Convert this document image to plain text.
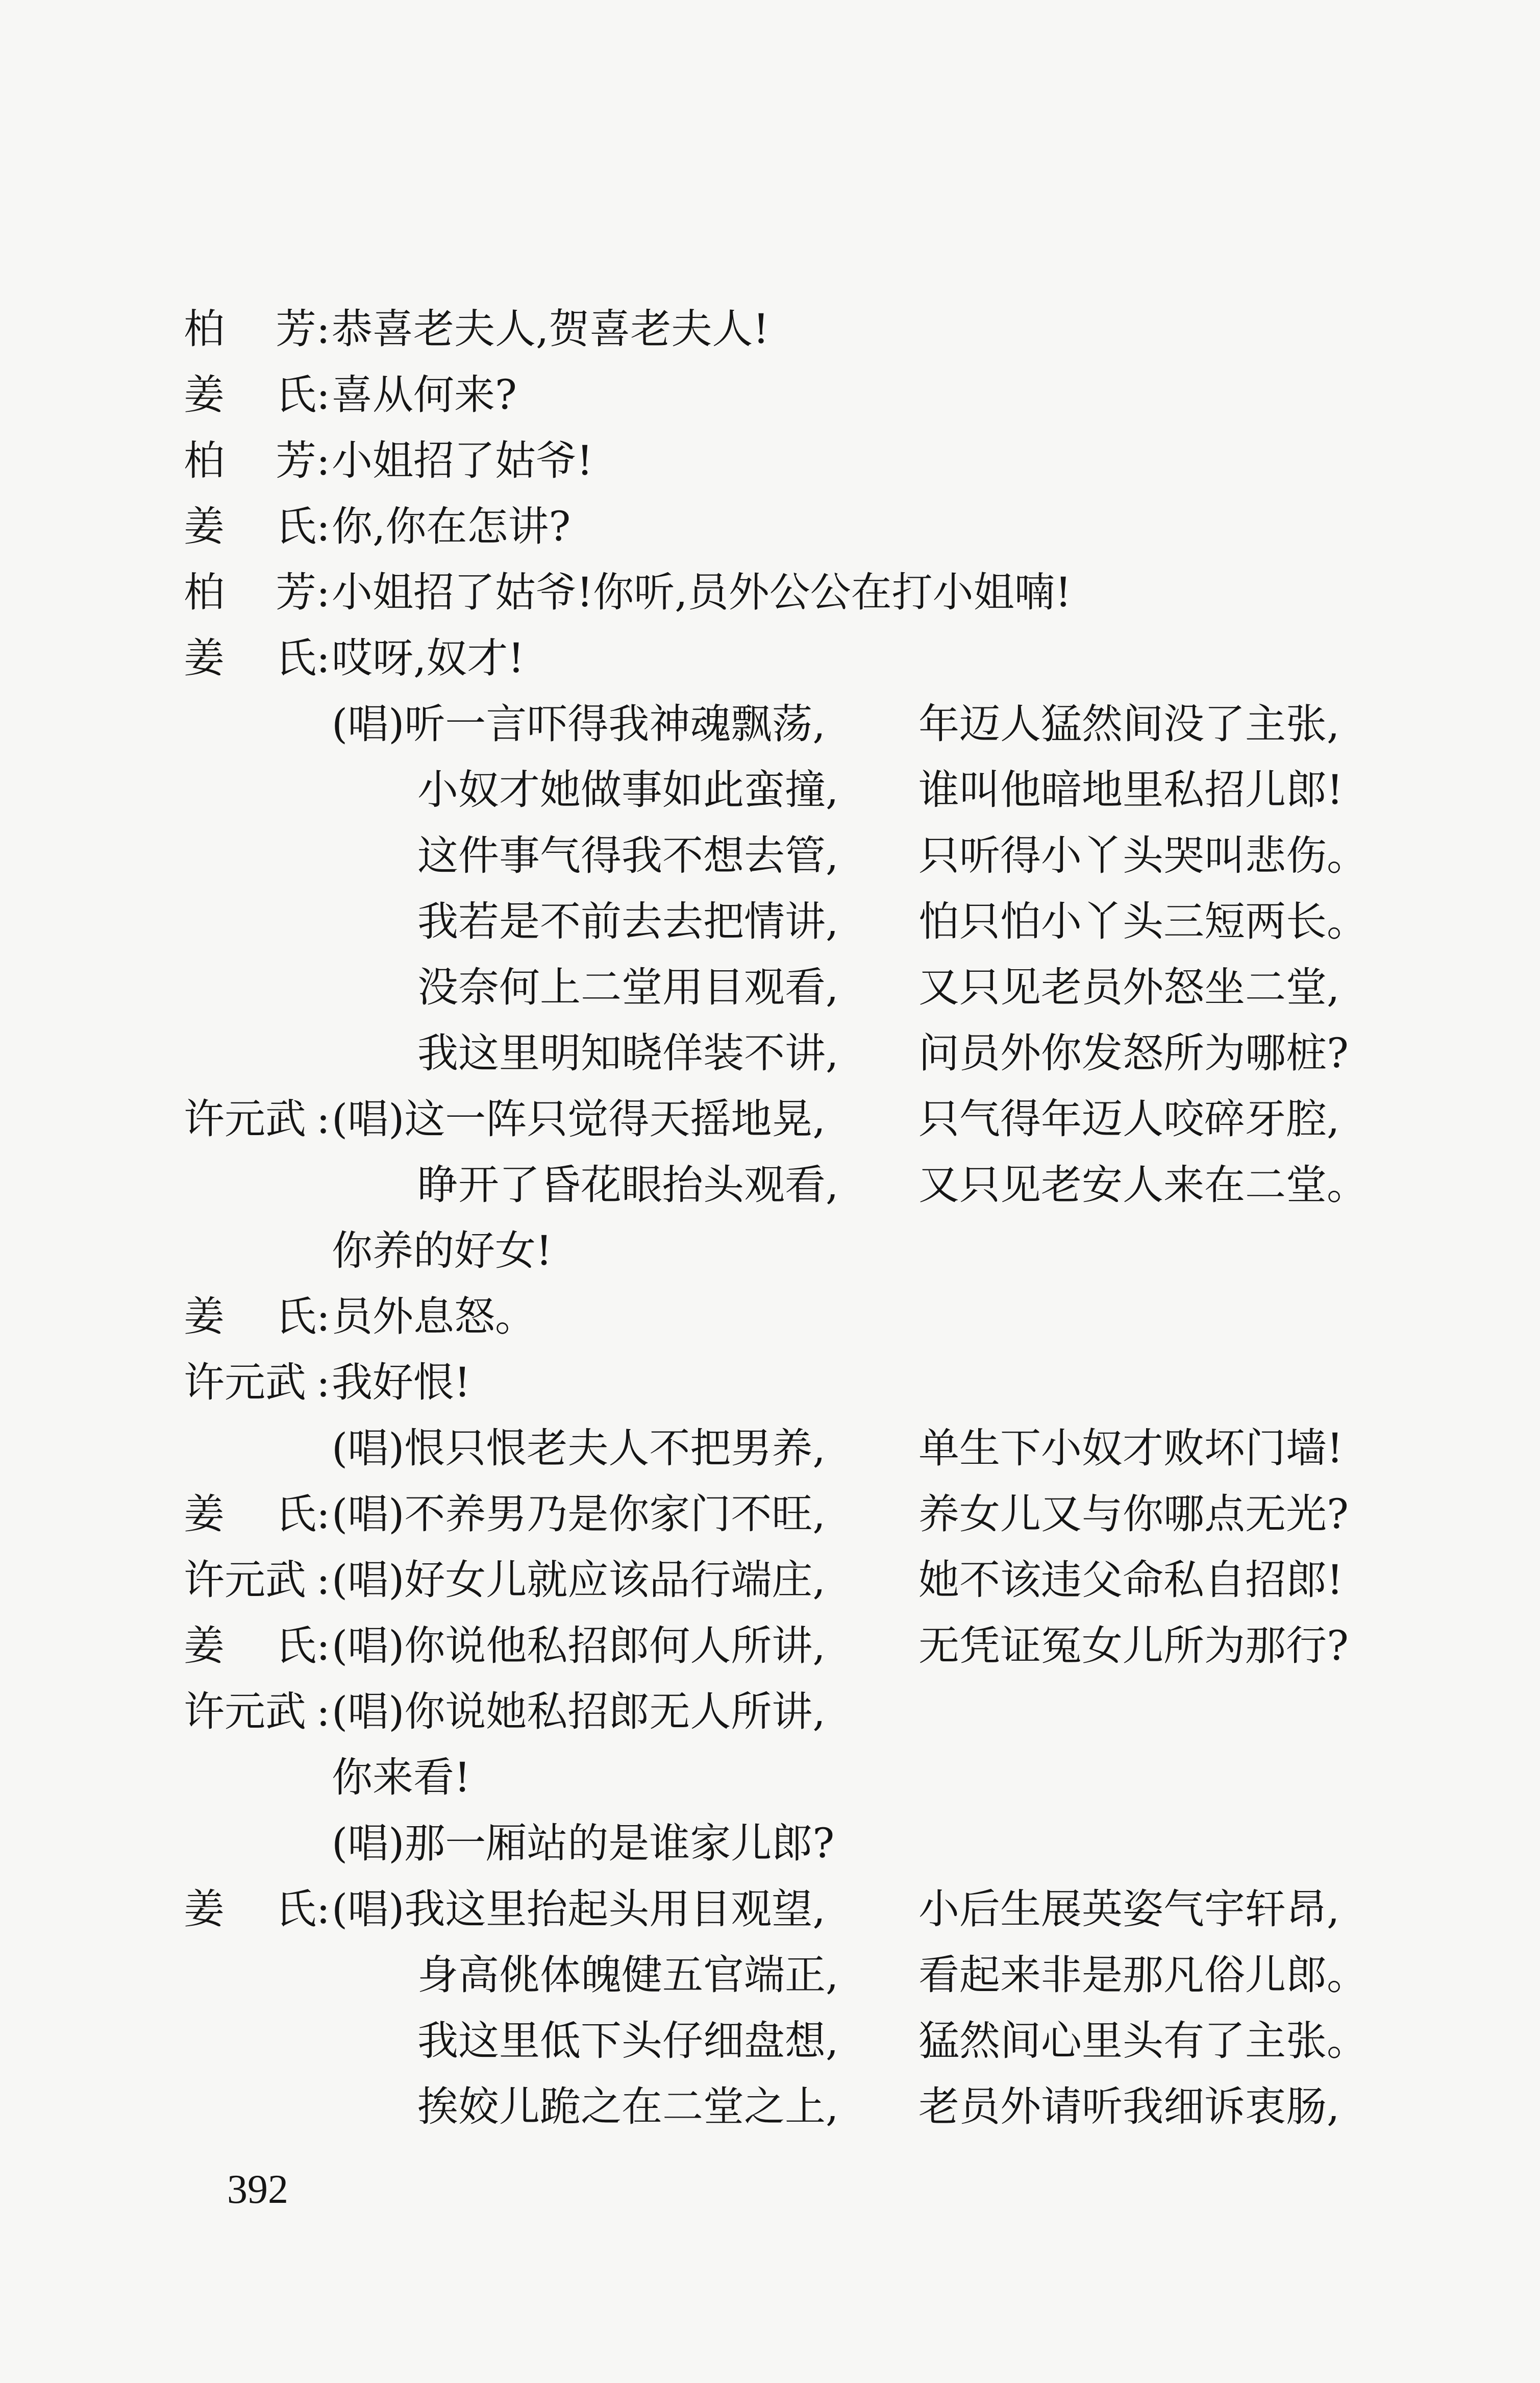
柏 芳 : 恭喜老夫人,贺喜老夫人!
姜 氏 : 喜从何来?
柏 芳 : 小姐招了姑爷!
姜 氏 : 你,你在怎讲?
柏 芳 : 小姐招了姑爷!你听,员外公公在打小姐喃!
姜 氏 : 哎呀,奴才!
(唱)听一言吓得我神魂飘荡, 年迈人猛然间没了主张,
小奴才她做事如此蛮撞, 谁叫他暗地里私招儿郎!
这件事气得我不想去管, 只听得小丫头哭叫悲伤。
我若是不前去去把情讲, 怕只怕小丫头三短两长。
没奈何上二堂用目观看, 又只见老员外怒坐二堂,
我这里明知晓佯装不讲, 问员外你发怒所为哪桩?
许元武 : (唱)这一阵只觉得天摇地晃, 只气得年迈人咬碎牙腔,
睁开了昏花眼抬头观看, 又只见老安人来在二堂。
你养的好女!
姜 氏 : 员外息怒。
许元武 : 我好恨!
(唱)恨只恨老夫人不把男养, 单生下小奴才败坏门墙!
姜 氏 : (唱)不养男乃是你家门不旺, 养女儿又与你哪点无光?
许元武 : (唱)好女儿就应该品行端庄, 她不该违父命私自招郎!
姜 氏 : (唱)你说他私招郎何人所讲, 无凭证冤女儿所为那行?
许元武 : (唱)你说她私招郎无人所讲,
你来看!
(唱)那一厢站的是谁家儿郎?
姜 氏 : (唱)我这里抬起头用目观望, 小后生展英姿气宇轩昂,
身高佻体魄健五官端正, 看起来非是那凡俗儿郎。
我这里低下头仔细盘想, 猛然间心里头有了主张。
挨姣儿跪之在二堂之上, 老员外请听我细诉衷肠,
392
